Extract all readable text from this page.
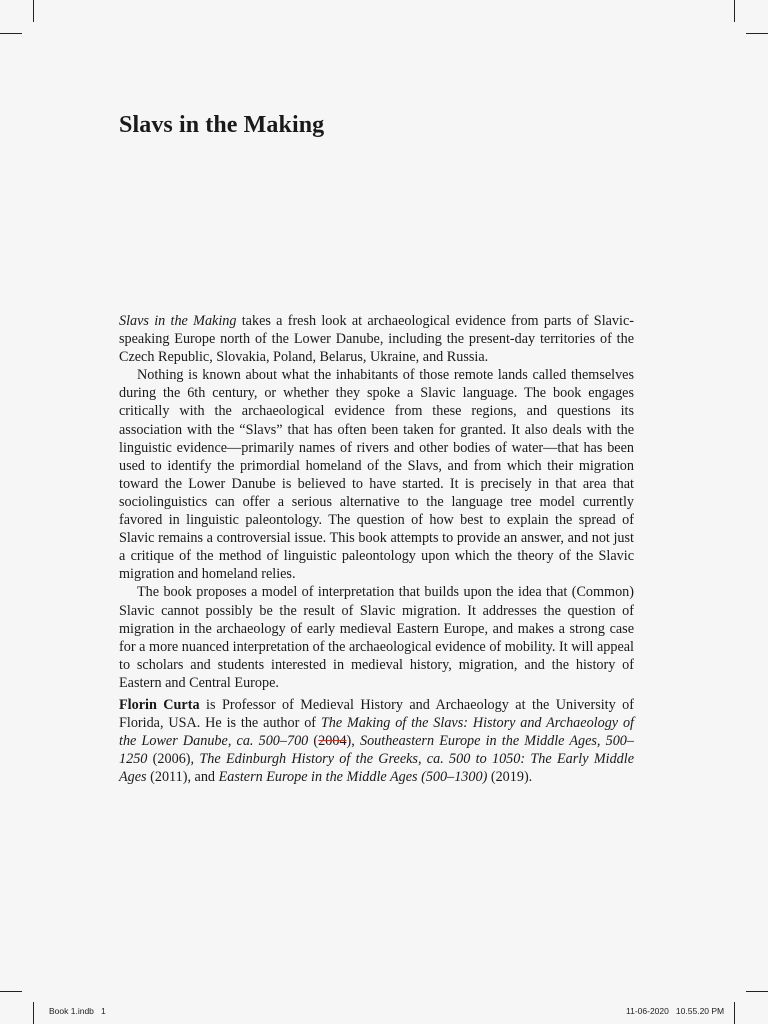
Slavs in the Making

Slavs in the Making takes a fresh look at archaeological evidence from parts of Slavic-speaking Europe north of the Lower Danube, including the present-day territories of the Czech Republic, Slovakia, Poland, Belarus, Ukraine, and Russia.

Nothing is known about what the inhabitants of those remote lands called themselves during the 6th century, or whether they spoke a Slavic language. The book engages critically with the archaeological evidence from these regions, and questions its association with the “Slavs” that has often been taken for granted. It also deals with the linguistic evidence—primarily names of rivers and other bodies of water—that has been used to identify the primordial homeland of the Slavs, and from which their migration toward the Lower Danube is believed to have started. It is precisely in that area that sociolinguistics can offer a serious alternative to the language tree model currently favored in linguistic paleontology. The question of how best to explain the spread of Slavic remains a controversial issue. This book attempts to provide an answer, and not just a critique of the method of linguistic paleontology upon which the theory of the Slavic migration and homeland relies.

The book proposes a model of interpretation that builds upon the idea that (Common) Slavic cannot possibly be the result of Slavic migration. It addresses the question of migration in the archaeology of early medieval Eastern Europe, and makes a strong case for a more nuanced interpretation of the archaeological evidence of mobility. It will appeal to scholars and students interested in medieval history, migration, and the history of Eastern and Central Europe.

Florin Curta is Professor of Medieval History and Archaeology at the University of Florida, USA. He is the author of The Making of the Slavs: History and Archaeology of the Lower Danube, ca. 500–700 (2004), Southeastern Europe in the Middle Ages, 500–1250 (2006), The Edinburgh History of the Greeks, ca. 500 to 1050: The Early Middle Ages (2011), and Eastern Europe in the Middle Ages (500–1300) (2019).

Book 1.indb   1	11-06-2020   10.55.20 PM
